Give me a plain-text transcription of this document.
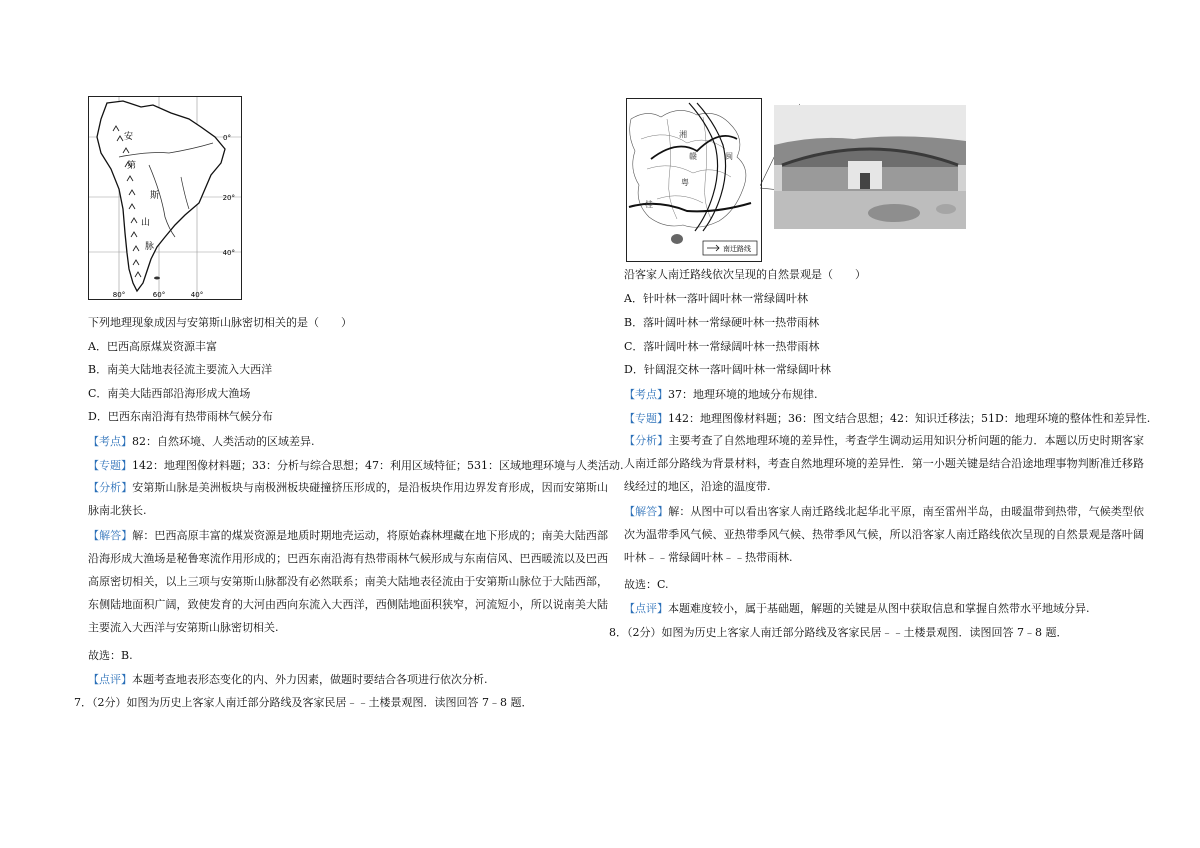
安
第
斯
山
脉
0°
20°
40°
80°	60°	40°
下列地理现象成因与安第斯山脉密切相关的是（　　）
A．巴西高原煤炭资源丰富
B．南美大陆地表径流主要流入大西洋
C．南美大陆西部沿海形成大渔场
D．巴西东南沿海有热带雨林气候分布
【考点】82：自然环境、人类活动的区域差异.
【专题】142：地理图像材料题；33：分析与综合思想；47：利用区域特征；531：区域地理环境与人类活动.
【分析】安第斯山脉是美洲板块与南极洲板块碰撞挤压形成的，是沿板块作用边界发育形成，因而安第斯山脉南北狭长.
【解答】解：巴西高原丰富的煤炭资源是地质时期地壳运动，将原始森林埋藏在地下形成的；南美大陆西部沿海形成大渔场是秘鲁寒流作用形成的；巴西东南沿海有热带雨林气候形成与东南信风、巴西暖流以及巴西高原密切相关，以上三项与安第斯山脉都没有必然联系；南美大陆地表径流由于安第斯山脉位于大陆西部，东侧陆地面积广阔，致使发育的大河由西向东流入大西洋，西侧陆地面积狭窄，河流短小，所以说南美大陆主要流入大西洋与安第斯山脉密切相关.
故选：B.
【点评】本题考查地表形态变化的内、外力因素，做题时要结合各项进行依次分析.
7．（2分）如图为历史上客家人南迁部分路线及客家民居﹣﹣土楼景观图．读图回答 7﹣8 题．
湘
赣
粤
桂
闽
南迁路线
沿客家人南迁路线依次呈现的自然景观是（　　）
A．针叶林一落叶阔叶林一常绿阔叶林
B．落叶阔叶林一常绿硬叶林一热带雨林
C．落叶阔叶林一常绿阔叶林一热带雨林
D．针阔混交林一落叶阔叶林一常绿阔叶林
【考点】37：地理环境的地域分布规律.
【专题】142：地理图像材料题；36：图文结合思想；42：知识迁移法；51D：地理环境的整体性和差异性.
【分析】主要考查了自然地理环境的差异性，考查学生调动运用知识分析问题的能力．本题以历史时期客家人南迁部分路线为背景材料，考查自然地理环境的差异性．第一小题关键是结合沿途地理事物判断准迁移路线经过的地区，沿途的温度带.
【解答】解：从图中可以看出客家人南迁路线北起华北平原，南至雷州半岛，由暖温带到热带，气候类型依次为温带季风气候、亚热带季风气候、热带季风气候，所以沿客家人南迁路线依次呈现的自然景观是落叶阔叶林﹣﹣常绿阔叶林﹣﹣热带雨林.
故选：C.
【点评】本题难度较小，属于基础题，解题的关键是从图中获取信息和掌握自然带水平地域分异.
8．（2分）如图为历史上客家人南迁部分路线及客家民居﹣﹣土楼景观图．读图回答 7﹣8 题．
